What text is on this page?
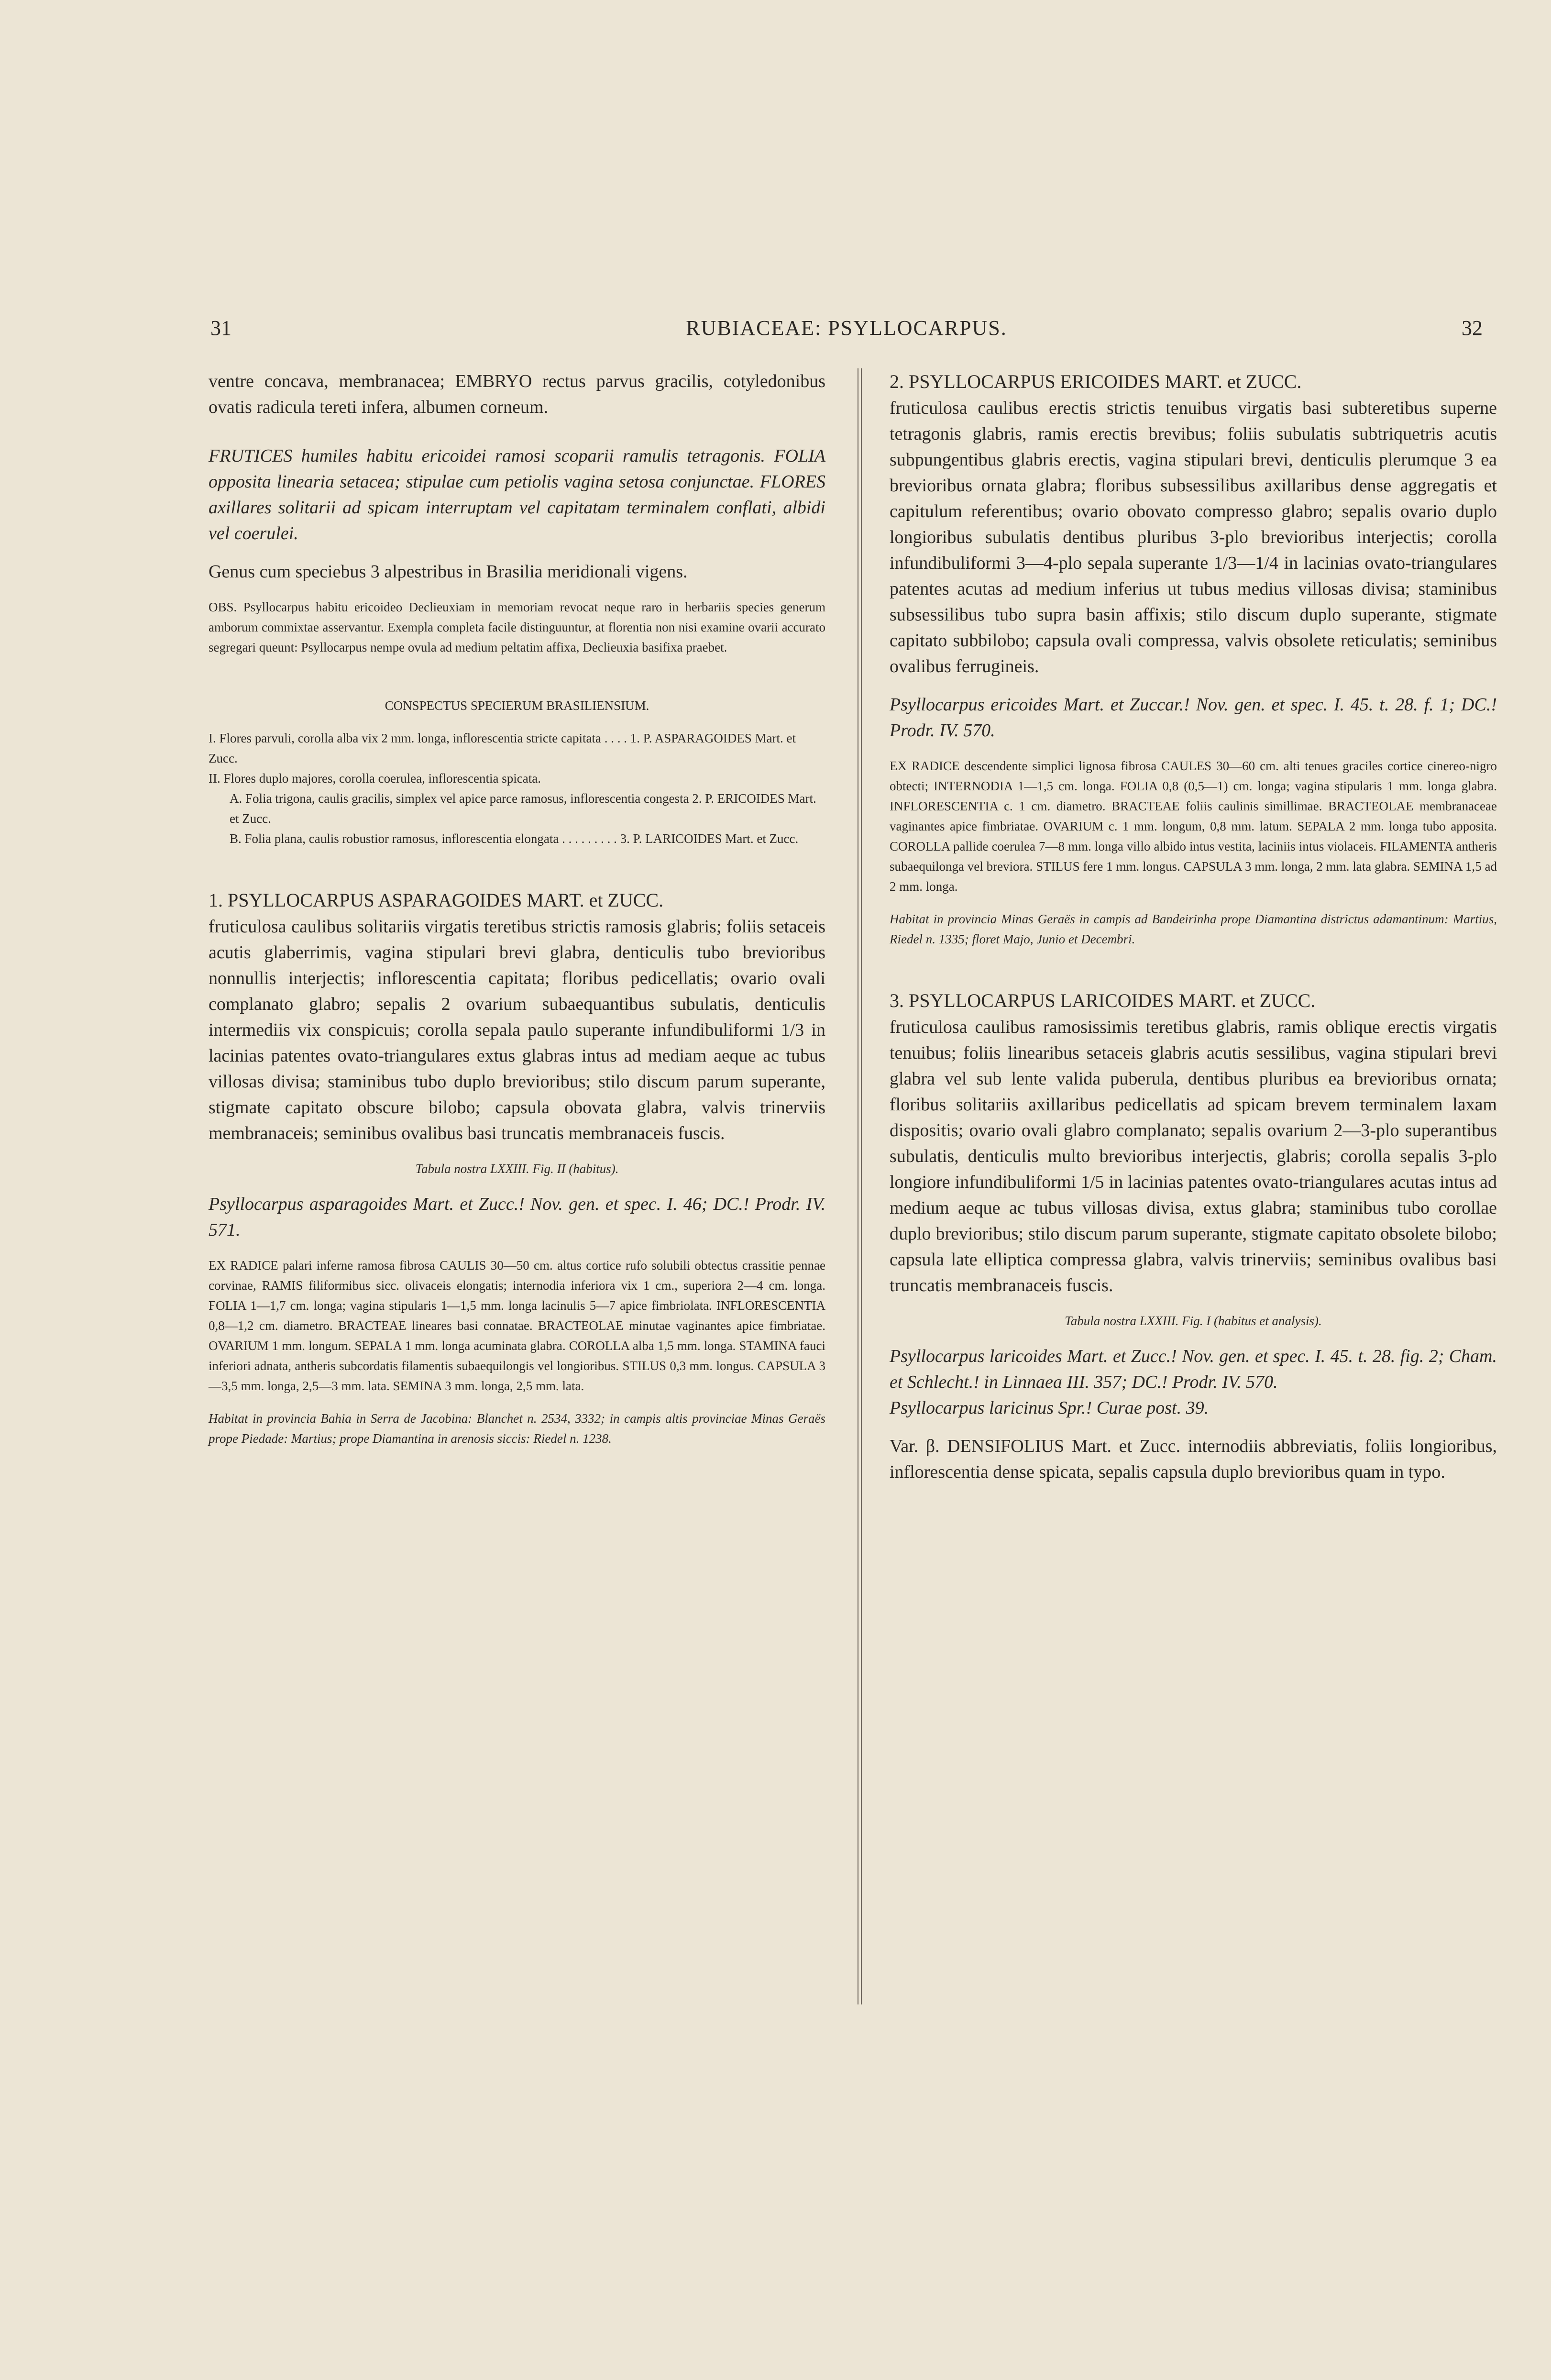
31	RUBIACEAE: PSYLLOCARPUS.	32

ventre concava, membranacea; EMBRYO rectus parvus gracilis, cotyledonibus ovatis radicula tereti infera, albumen corneum.

FRUTICES humiles habitu ericoidei ramosi scoparii ramulis tetragonis. FOLIA opposita linearia setacea; stipulae cum petiolis vagina setosa conjunctae. FLORES axillares solitarii ad spicam interruptam vel capitatam terminalem conflati, albidi vel coerulei.

Genus cum speciebus 3 alpestribus in Brasilia meridionali vigens.

OBS. Psyllocarpus habitu ericoideo Declieuxiam in memoriam revocat neque raro in herbariis species generum amborum commixtae asservantur. Exempla completa facile distinguuntur, at florentia non nisi examine ovarii accurato segregari queunt: Psyllocarpus nempe ovula ad medium peltatim affixa, Declieuxia basifixa praebet.

CONSPECTUS SPECIERUM BRASILIENSIUM.

I. Flores parvuli, corolla alba vix 2 mm. longa, inflorescentia stricte capitata . . . . 1. P. ASPARAGOIDES Mart. et Zucc.
II. Flores duplo majores, corolla coerulea, inflorescentia spicata.
A. Folia trigona, caulis gracilis, simplex vel apice parce ramosus, inflorescentia congesta 2. P. ERICOIDES Mart. et Zucc.
B. Folia plana, caulis robustior ramosus, inflorescentia elongata . . . . . . . . . 3. P. LARICOIDES Mart. et Zucc.

1. PSYLLOCARPUS ASPARAGOIDES MART. et ZUCC.

fruticulosa caulibus solitariis virgatis teretibus strictis ramosis glabris; foliis setaceis acutis glaberrimis, vagina stipulari brevi glabra, denticulis tubo brevioribus nonnullis interjectis; inflorescentia capitata; floribus pedicellatis; ovario ovali complanato glabro; sepalis 2 ovarium subaequantibus subulatis, denticulis intermediis vix conspicuis; corolla sepala paulo superante infundibuliformi 1/3 in lacinias patentes ovato-triangulares extus glabras intus ad mediam aeque ac tubus villosas divisa; staminibus tubo duplo brevioribus; stilo discum parum superante, stigmate capitato obscure bilobo; capsula obovata glabra, valvis trinerviis membranaceis; seminibus ovalibus basi truncatis membranaceis fuscis.

Tabula nostra LXXIII. Fig. II (habitus).

Psyllocarpus asparagoides Mart. et Zucc.! Nov. gen. et spec. I. 46; DC.! Prodr. IV. 571.

EX RADICE palari inferne ramosa fibrosa CAULIS 30—50 cm. altus cortice rufo solubili obtectus crassitie pennae corvinae, RAMIS filiformibus sicc. olivaceis elongatis; internodia inferiora vix 1 cm., superiora 2—4 cm. longa. FOLIA 1—1,7 cm. longa; vagina stipularis 1—1,5 mm. longa lacinulis 5—7 apice fimbriolata. INFLORESCENTIA 0,8—1,2 cm. diametro. BRACTEAE lineares basi connatae. BRACTEOLAE minutae vaginantes apice fimbriatae. OVARIUM 1 mm. longum. SEPALA 1 mm. longa acuminata glabra. COROLLA alba 1,5 mm. longa. STAMINA fauci inferiori adnata, antheris subcordatis filamentis subaequilongis vel longioribus. STILUS 0,3 mm. longus. CAPSULA 3—3,5 mm. longa, 2,5—3 mm. lata. SEMINA 3 mm. longa, 2,5 mm. lata.

Habitat in provincia Bahia in Serra de Jacobina: Blanchet n. 2534, 3332; in campis altis provinciae Minas Geraës prope Piedade: Martius; prope Diamantina in arenosis siccis: Riedel n. 1238.

2. PSYLLOCARPUS ERICOIDES MART. et ZUCC.

fruticulosa caulibus erectis strictis tenuibus virgatis basi subteretibus superne tetragonis glabris, ramis erectis brevibus; foliis subulatis subtriquetris acutis subpungentibus glabris erectis, vagina stipulari brevi, denticulis plerumque 3 ea brevioribus ornata glabra; floribus subsessilibus axillaribus dense aggregatis et capitulum referentibus; ovario obovato compresso glabro; sepalis ovario duplo longioribus subulatis dentibus pluribus 3-plo brevioribus interjectis; corolla infundibuliformi 3—4-plo sepala superante 1/3—1/4 in lacinias ovato-triangulares patentes acutas ad medium inferius ut tubus medius villosas divisa; staminibus subsessilibus tubo supra basin affixis; stilo discum duplo superante, stigmate capitato subbilobo; capsula ovali compressa, valvis obsolete reticulatis; seminibus ovalibus ferrugineis.

Psyllocarpus ericoides Mart. et Zuccar.! Nov. gen. et spec. I. 45. t. 28. f. 1; DC.! Prodr. IV. 570.

EX RADICE descendente simplici lignosa fibrosa CAULES 30—60 cm. alti tenues graciles cortice cinereo-nigro obtecti; INTERNODIA 1—1,5 cm. longa. FOLIA 0,8 (0,5—1) cm. longa; vagina stipularis 1 mm. longa glabra. INFLORESCENTIA c. 1 cm. diametro. BRACTEAE foliis caulinis simillimae. BRACTEOLAE membranaceae vaginantes apice fimbriatae. OVARIUM c. 1 mm. longum, 0,8 mm. latum. SEPALA 2 mm. longa tubo apposita. COROLLA pallide coerulea 7—8 mm. longa villo albido intus vestita, laciniis intus violaceis. FILAMENTA antheris subaequilonga vel breviora. STILUS fere 1 mm. longus. CAPSULA 3 mm. longa, 2 mm. lata glabra. SEMINA 1,5 ad 2 mm. longa.

Habitat in provincia Minas Geraës in campis ad Bandeirinha prope Diamantina districtus adamantinum: Martius, Riedel n. 1335; floret Majo, Junio et Decembri.

3. PSYLLOCARPUS LARICOIDES MART. et ZUCC.

fruticulosa caulibus ramosissimis teretibus glabris, ramis oblique erectis virgatis tenuibus; foliis linearibus setaceis glabris acutis sessilibus, vagina stipulari brevi glabra vel sub lente valida puberula, dentibus pluribus ea brevioribus ornata; floribus solitariis axillaribus pedicellatis ad spicam brevem terminalem laxam dispositis; ovario ovali glabro complanato; sepalis ovarium 2—3-plo superantibus subulatis, denticulis multo brevioribus interjectis, glabris; corolla sepalis 3-plo longiore infundibuliformi 1/5 in lacinias patentes ovato-triangulares acutas intus ad medium aeque ac tubus villosas divisa, extus glabra; staminibus tubo corollae duplo brevioribus; stilo discum parum superante, stigmate capitato obsolete bilobo; capsula late elliptica compressa glabra, valvis trinerviis; seminibus ovalibus basi truncatis membranaceis fuscis.

Tabula nostra LXXIII. Fig. I (habitus et analysis).

Psyllocarpus laricoides Mart. et Zucc.! Nov. gen. et spec. I. 45. t. 28. fig. 2; Cham. et Schlecht.! in Linnaea III. 357; DC.! Prodr. IV. 570.

Psyllocarpus laricinus Spr.! Curae post. 39.

Var. β. DENSIFOLIUS Mart. et Zucc. internodiis abbreviatis, foliis longioribus, inflorescentia dense spicata, sepalis capsula duplo brevioribus quam in typo.
